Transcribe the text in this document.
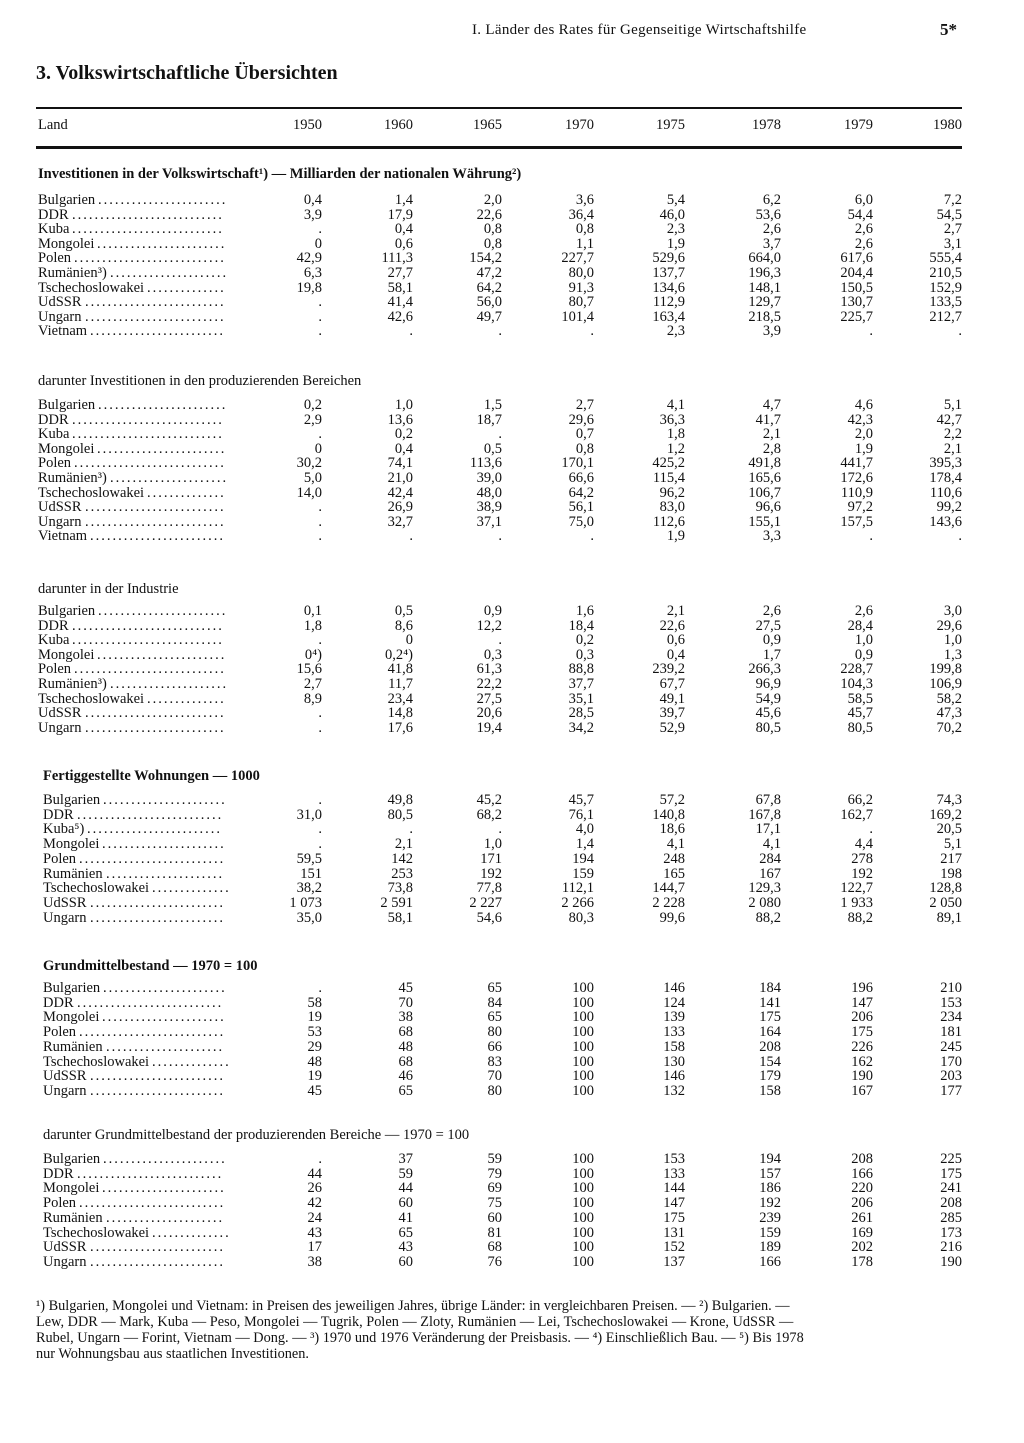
I. Länder des Rates für Gegenseitige Wirtschaftshilfe	5*
3. Volkswirtschaftliche Übersichten
Land	1950	1960	1965	1970	1975	1978	1979	1980
Investitionen in der Volkswirtschaft¹) — Milliarden der nationalen Währung²)
Bulgarien .......................	0,4	1,4	2,0	3,6	5,4	6,2	6,0	7,2
DDR ...........................	3,9	17,9	22,6	36,4	46,0	53,6	54,4	54,5
Kuba ...........................	.	0,4	0,8	0,8	2,3	2,6	2,6	2,7
Mongolei .......................	0	0,6	0,8	1,1	1,9	3,7	2,6	3,1
Polen ...........................	42,9	111,3	154,2	227,7	529,6	664,0	617,6	555,4
Rumänien³) .....................	6,3	27,7	47,2	80,0	137,7	196,3	204,4	210,5
Tschechoslowakei ..............	19,8	58,1	64,2	91,3	134,6	148,1	150,5	152,9
UdSSR .........................	.	41,4	56,0	80,7	112,9	129,7	130,7	133,5
Ungarn .........................	.	42,6	49,7	101,4	163,4	218,5	225,7	212,7
Vietnam ........................	.	.	.	.	2,3	3,9	.	.
darunter Investitionen in den produzierenden Bereichen
Bulgarien .......................	0,2	1,0	1,5	2,7	4,1	4,7	4,6	5,1
DDR ...........................	2,9	13,6	18,7	29,6	36,3	41,7	42,3	42,7
Kuba ...........................	.	0,2	.	0,7	1,8	2,1	2,0	2,2
Mongolei .......................	0	0,4	0,5	0,8	1,2	2,8	1,9	2,1
Polen ...........................	30,2	74,1	113,6	170,1	425,2	491,8	441,7	395,3
Rumänien³) .....................	5,0	21,0	39,0	66,6	115,4	165,6	172,6	178,4
Tschechoslowakei ..............	14,0	42,4	48,0	64,2	96,2	106,7	110,9	110,6
UdSSR .........................	.	26,9	38,9	56,1	83,0	96,6	97,2	99,2
Ungarn .........................	.	32,7	37,1	75,0	112,6	155,1	157,5	143,6
Vietnam ........................	.	.	.	.	1,9	3,3	.	.
darunter in der Industrie
Bulgarien .......................	0,1	0,5	0,9	1,6	2,1	2,6	2,6	3,0
DDR ...........................	1,8	8,6	12,2	18,4	22,6	27,5	28,4	29,6
Kuba ...........................	.	0	.	0,2	0,6	0,9	1,0	1,0
Mongolei .......................	0⁴)	0,2⁴)	0,3	0,3	0,4	1,7	0,9	1,3
Polen ...........................	15,6	41,8	61,3	88,8	239,2	266,3	228,7	199,8
Rumänien³) .....................	2,7	11,7	22,2	37,7	67,7	96,9	104,3	106,9
Tschechoslowakei ..............	8,9	23,4	27,5	35,1	49,1	54,9	58,5	58,2
UdSSR .........................	.	14,8	20,6	28,5	39,7	45,6	45,7	47,3
Ungarn .........................	.	17,6	19,4	34,2	52,9	80,5	80,5	70,2
Fertiggestellte Wohnungen — 1000
Bulgarien ......................	.	49,8	45,2	45,7	57,2	67,8	66,2	74,3
DDR ..........................	31,0	80,5	68,2	76,1	140,8	167,8	162,7	169,2
Kuba⁵) ........................	.	.	.	4,0	18,6	17,1	.	20,5
Mongolei ......................	.	2,1	1,0	1,4	4,1	4,1	4,4	5,1
Polen ..........................	59,5	142	171	194	248	284	278	217
Rumänien .....................	151	253	192	159	165	167	192	198
Tschechoslowakei ..............	38,2	73,8	77,8	112,1	144,7	129,3	122,7	128,8
UdSSR ........................	1 073	2 591	2 227	2 266	2 228	2 080	1 933	2 050
Ungarn ........................	35,0	58,1	54,6	80,3	99,6	88,2	88,2	89,1
Grundmittelbestand — 1970 = 100
Bulgarien ......................	.	45	65	100	146	184	196	210
DDR ..........................	58	70	84	100	124	141	147	153
Mongolei ......................	19	38	65	100	139	175	206	234
Polen ..........................	53	68	80	100	133	164	175	181
Rumänien .....................	29	48	66	100	158	208	226	245
Tschechoslowakei ..............	48	68	83	100	130	154	162	170
UdSSR ........................	19	46	70	100	146	179	190	203
Ungarn ........................	45	65	80	100	132	158	167	177
darunter Grundmittelbestand der produzierenden Bereiche — 1970 = 100
Bulgarien ......................	.	37	59	100	153	194	208	225
DDR ..........................	44	59	79	100	133	157	166	175
Mongolei ......................	26	44	69	100	144	186	220	241
Polen ..........................	42	60	75	100	147	192	206	208
Rumänien .....................	24	41	60	100	175	239	261	285
Tschechoslowakei ..............	43	65	81	100	131	159	169	173
UdSSR ........................	17	43	68	100	152	189	202	216
Ungarn ........................	38	60	76	100	137	166	178	190
¹) Bulgarien, Mongolei und Vietnam: in Preisen des jeweiligen Jahres, übrige Länder: in vergleichbaren Preisen. — ²) Bulgarien. —
Lew, DDR — Mark, Kuba — Peso, Mongolei — Tugrik, Polen — Zloty, Rumänien — Lei, Tschechoslowakei — Krone, UdSSR —
Rubel, Ungarn — Forint, Vietnam — Dong. — ³) 1970 und 1976 Veränderung der Preisbasis. — ⁴) Einschließlich Bau. — ⁵) Bis 1978
nur Wohnungsbau aus staatlichen Investitionen.
